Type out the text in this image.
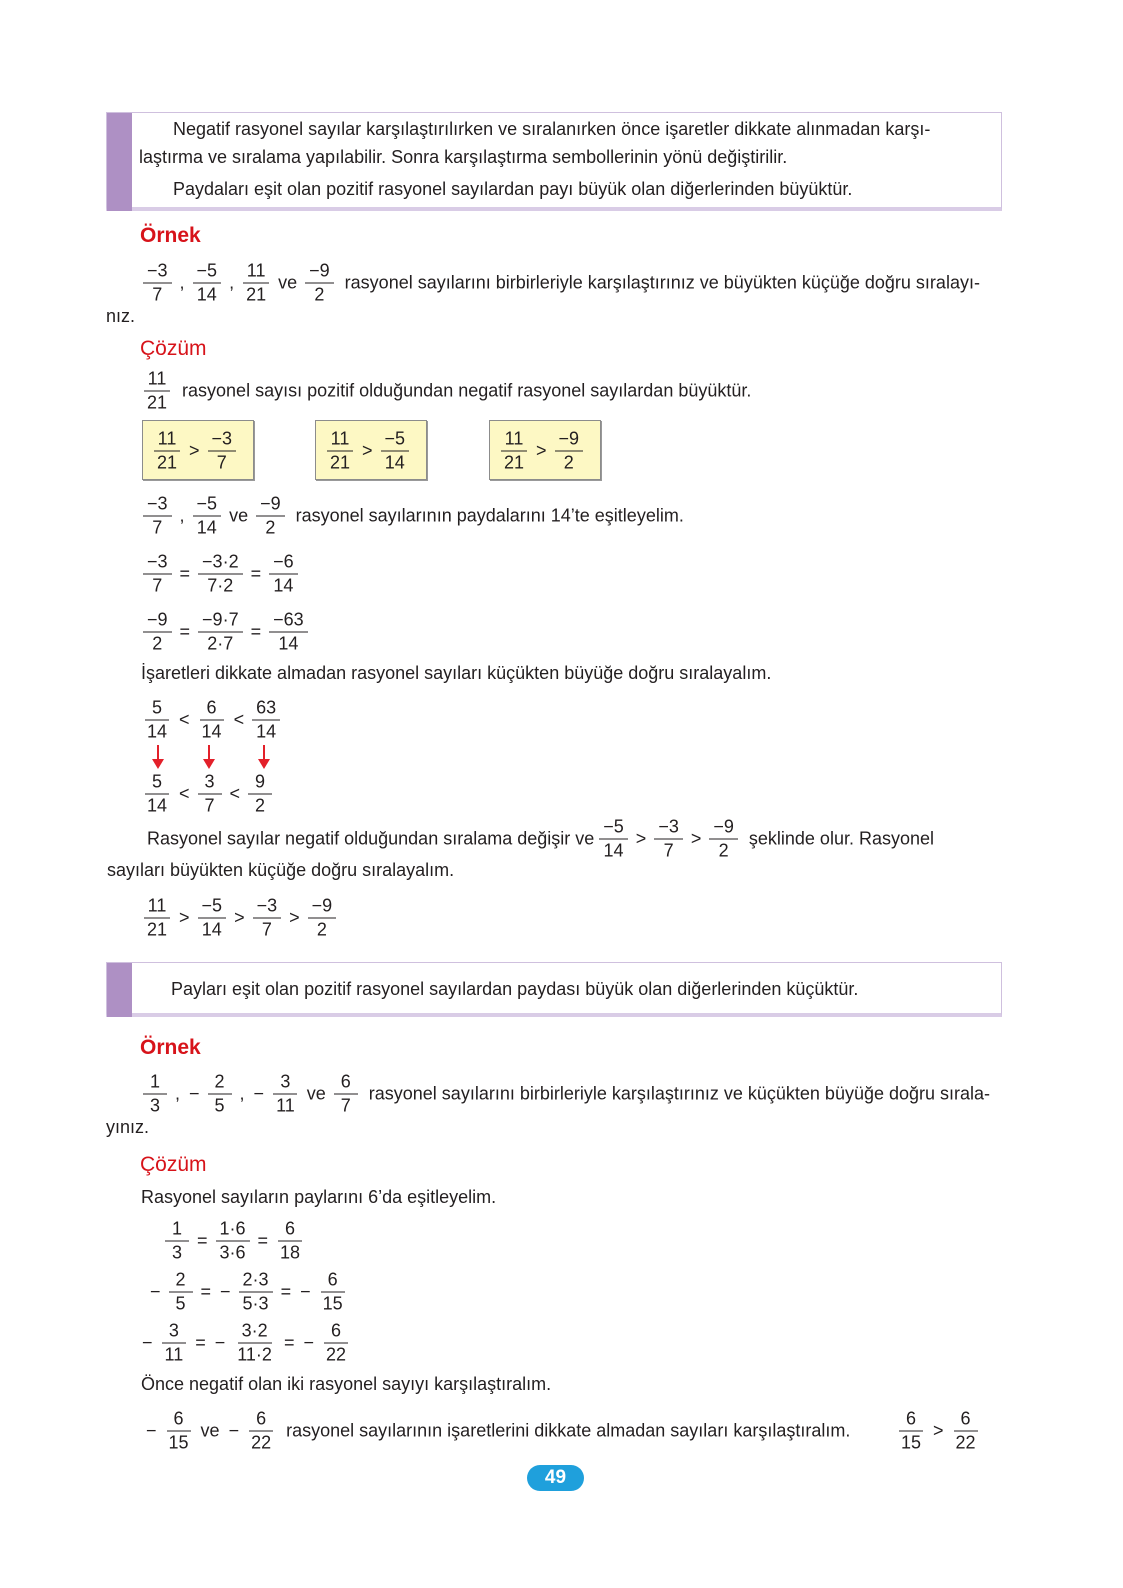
Negatif rasyonel sayılar karşılaştırılırken ve sıralanırken önce işaretler dikkate alınmadan karşı-
laştırma ve sıralama yapılabilir. Sonra karşılaştırma sembollerinin yönü değiştirilir.
Paydaları eşit olan pozitif rasyonel sayılardan payı büyük olan diğerlerinden büyüktür.
Örnek
$\frac{-3}{7}$ , $\frac{-5}{14}$ , $\frac{11}{21}$ ve $\frac{-9}{2}$ rasyonel sayılarını birbirleriyle karşılaştırınız ve büyükten küçüğe doğru sıralayı-
nız.
Çözüm
$\frac{11}{21}$ rasyonel sayısı pozitif olduğundan negatif rasyonel sayılardan büyüktür.
$\frac{11}{21} > \frac{-3}{7}$	$\frac{11}{21} > \frac{-5}{14}$	$\frac{11}{21} > \frac{-9}{2}$
$\frac{-3}{7}$ , $\frac{-5}{14}$ ve $\frac{-9}{2}$ rasyonel sayılarının paydalarını 14’te eşitleyelim.
$\frac{-3}{7} = \frac{-3\cdot 2}{7\cdot 2} = \frac{-6}{14}$
$\frac{-9}{2} = \frac{-9\cdot 7}{2\cdot 7} = \frac{-63}{14}$
İşaretleri dikkate almadan rasyonel sayıları küçükten büyüğe doğru sıralayalım.
$\frac{5}{14} < \frac{6}{14} < \frac{63}{14}$
$\frac{5}{14} < \frac{3}{7} < \frac{9}{2}$
Rasyonel sayılar negatif olduğundan sıralama değişir ve $\frac{-5}{14} > \frac{-3}{7} > \frac{-9}{2}$ şeklinde olur. Rasyonel
sayıları büyükten küçüğe doğru sıralayalım.
$\frac{11}{21} > \frac{-5}{14} > \frac{-3}{7} > \frac{-9}{2}$
Payları eşit olan pozitif rasyonel sayılardan paydası büyük olan diğerlerinden küçüktür.
Örnek
$\frac{1}{3}$ , − $\frac{2}{5}$ , − $\frac{3}{11}$ ve $\frac{6}{7}$ rasyonel sayılarını birbirleriyle karşılaştırınız ve küçükten büyüğe doğru sırala-
yınız.
Çözüm
Rasyonel sayıların paylarını 6’da eşitleyelim.
$\frac{1}{3} = \frac{1\cdot 6}{3\cdot 6} = \frac{6}{18}$
− $\frac{2}{5}$ = − $\frac{2\cdot 3}{5\cdot 3}$ = − $\frac{6}{15}$
− $\frac{3}{11}$ = − $\frac{3\cdot 2}{11\cdot 2}$ = − $\frac{6}{22}$
Önce negatif olan iki rasyonel sayıyı karşılaştıralım.
− $\frac{6}{15}$ ve − $\frac{6}{22}$ rasyonel sayılarının işaretlerini dikkate almadan sayıları karşılaştıralım.	$\frac{6}{15} > \frac{6}{22}$
49
